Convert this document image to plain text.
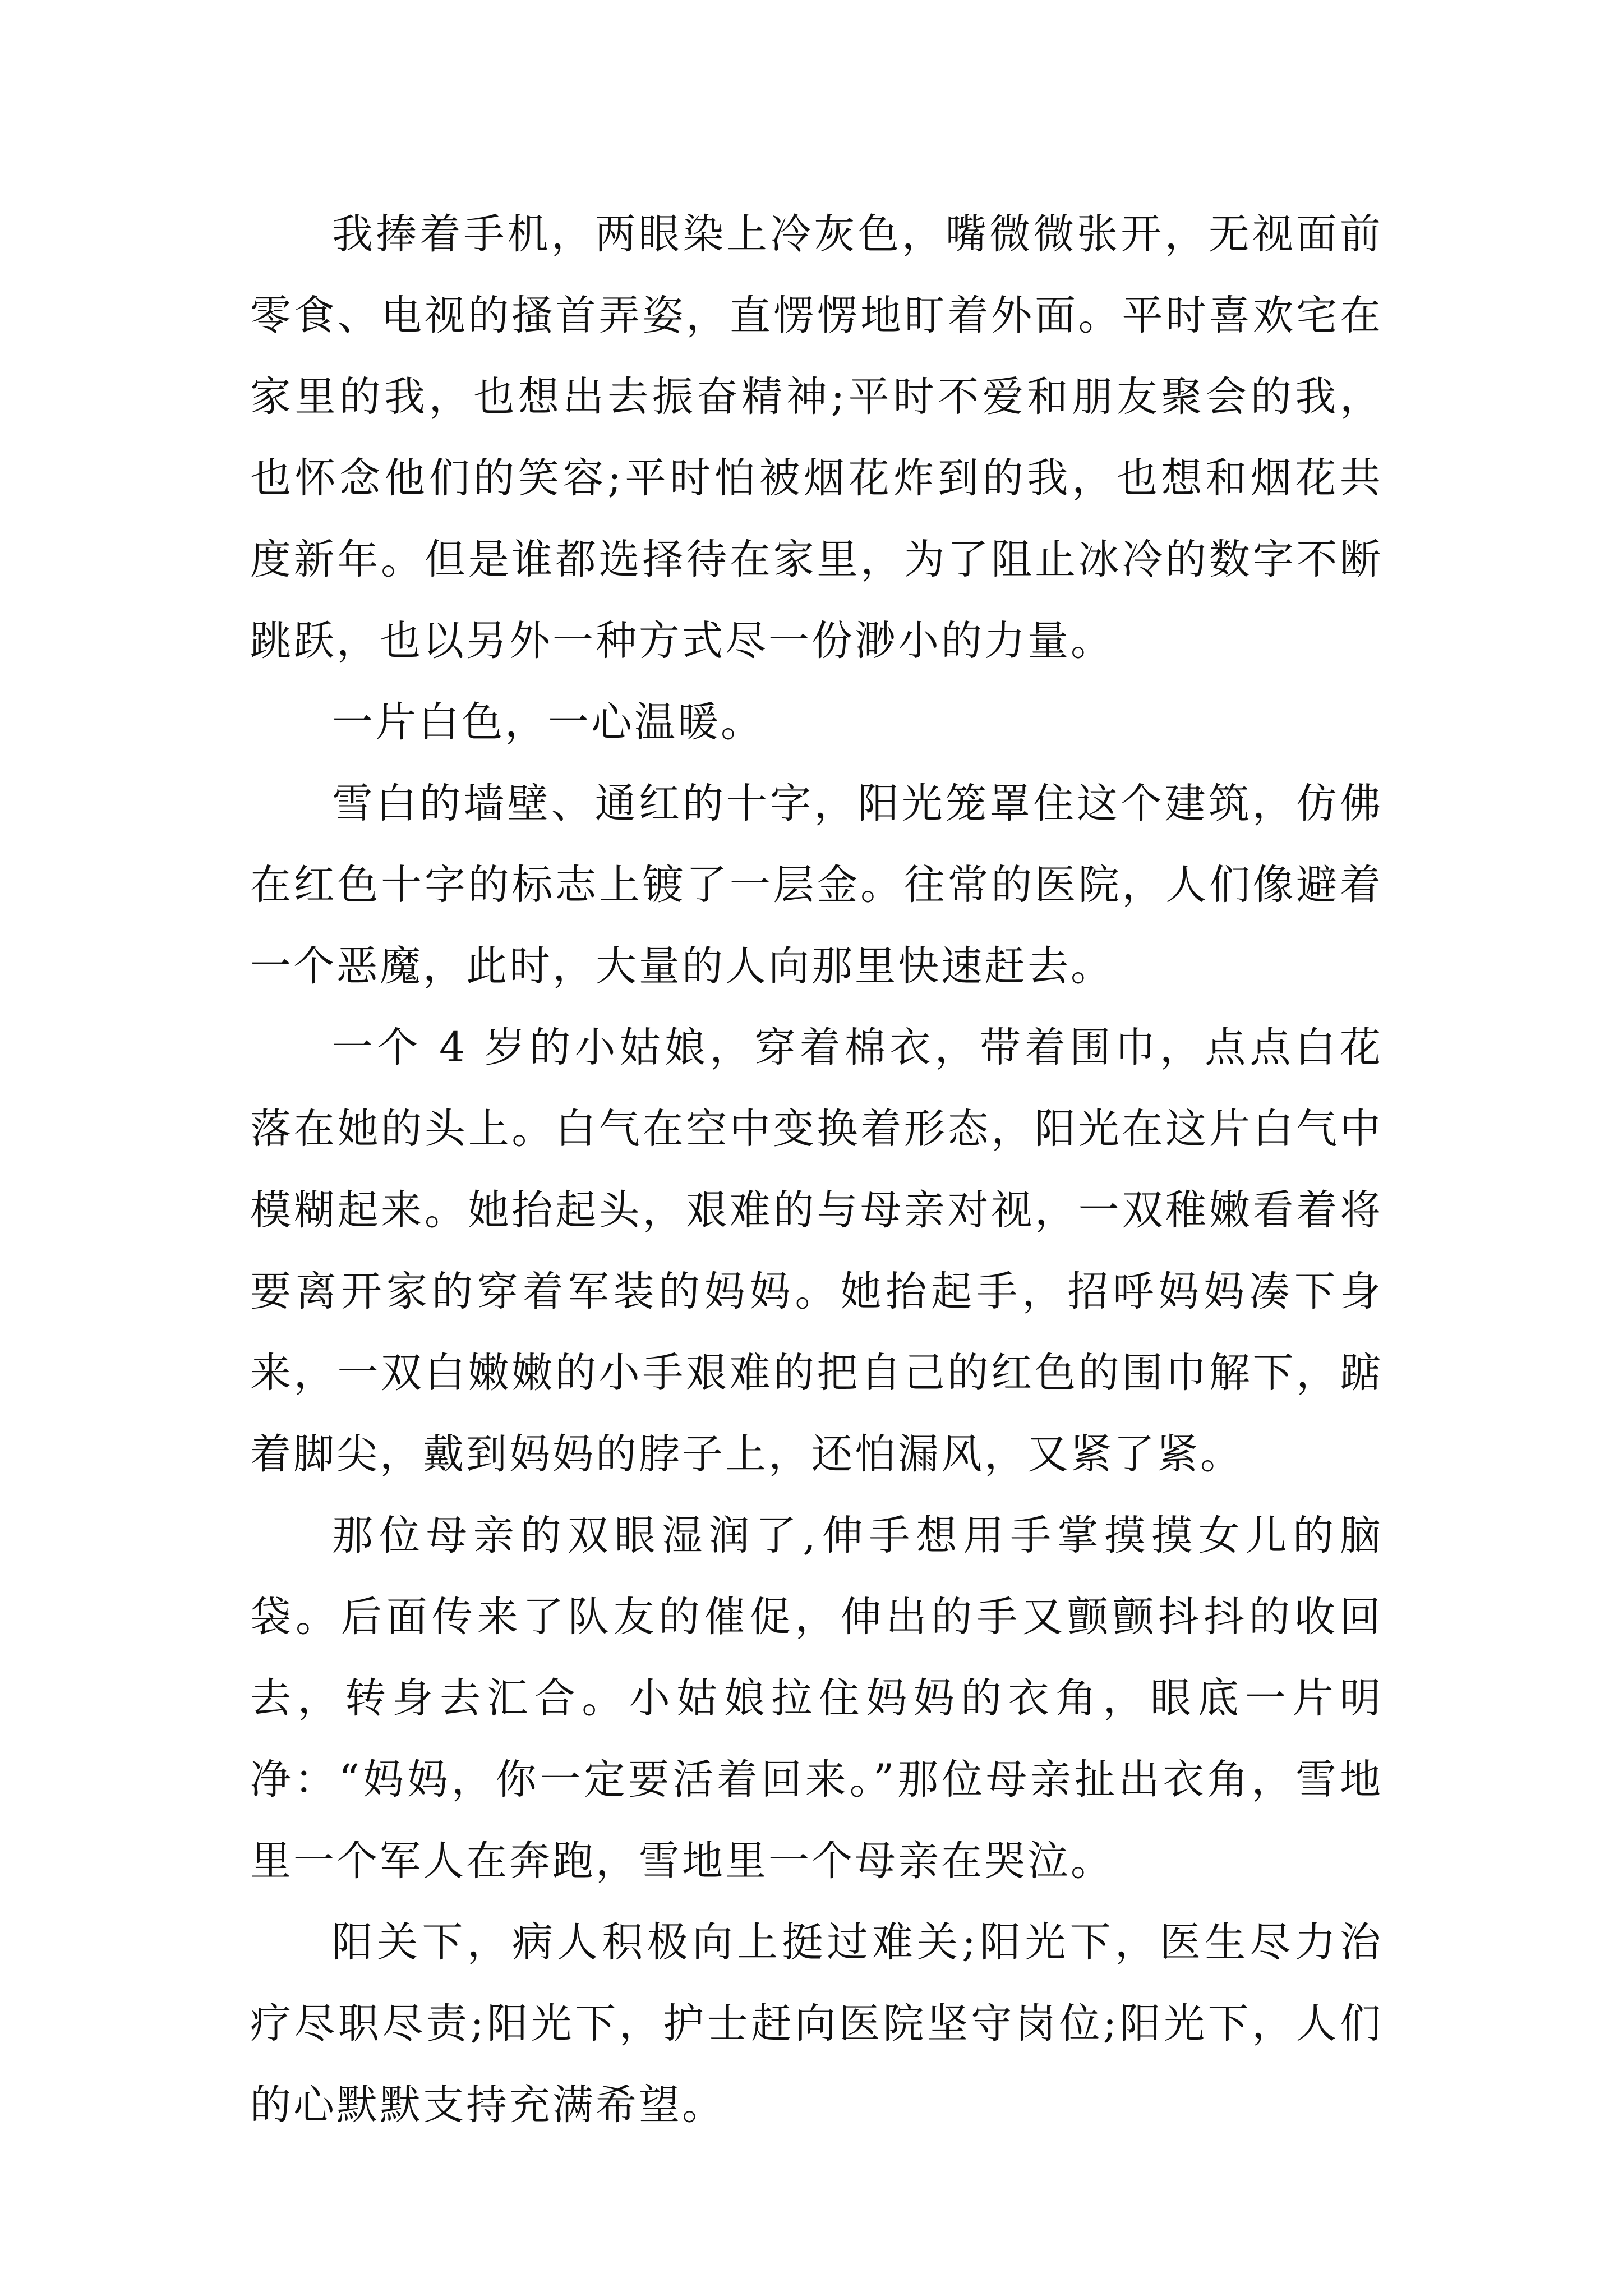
我捧着手机，两眼染上冷灰色，嘴微微张开，无视面前零食、电视的搔首弄姿，直愣愣地盯着外面。平时喜欢宅在家里的我，也想出去振奋精神;平时不爱和朋友聚会的我，也怀念他们的笑容;平时怕被烟花炸到的我，也想和烟花共度新年。但是谁都选择待在家里，为了阻止冰冷的数字不断跳跃，也以另外一种方式尽一份渺小的力量。

一片白色，一心温暖。

雪白的墙壁、通红的十字，阳光笼罩住这个建筑，仿佛在红色十字的标志上镀了一层金。往常的医院，人们像避着一个恶魔，此时，大量的人向那里快速赶去。

一个 4 岁的小姑娘，穿着棉衣，带着围巾，点点白花落在她的头上。白气在空中变换着形态，阳光在这片白气中模糊起来。她抬起头，艰难的与母亲对视，一双稚嫩看着将要离开家的穿着军装的妈妈。她抬起手，招呼妈妈凑下身来，一双白嫩嫩的小手艰难的把自己的红色的围巾解下，踮着脚尖，戴到妈妈的脖子上，还怕漏风，又紧了紧。

那位母亲的双眼湿润了,伸手想用手掌摸摸女儿的脑袋。后面传来了队友的催促，伸出的手又颤颤抖抖的收回去，转身去汇合。小姑娘拉住妈妈的衣角，眼底一片明净：“妈妈，你一定要活着回来。”那位母亲扯出衣角，雪地里一个军人在奔跑，雪地里一个母亲在哭泣。

阳关下，病人积极向上挺过难关;阳光下，医生尽力治疗尽职尽责;阳光下，护士赶向医院坚守岗位;阳光下，人们的心默默支持充满希望。
